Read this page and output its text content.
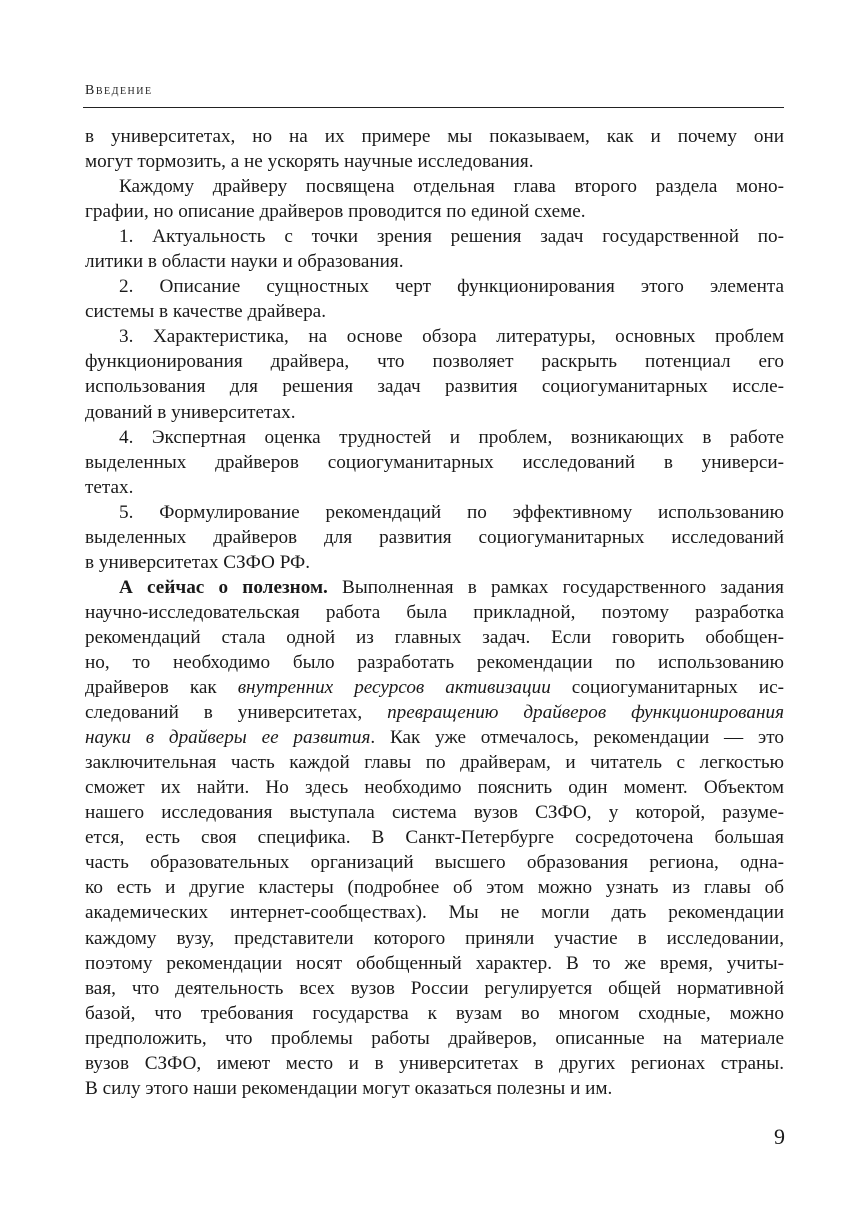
Введение

в университетах, но на их примере мы показываем, как и почему они
могут тормозить, а не ускорять научные исследования.

Каждому драйверу посвящена отдельная глава второго раздела моно-
графии, но описание драйверов проводится по единой схеме.

1. Актуальность с точки зрения решения задач государственной по-
литики в области науки и образования.

2. Описание сущностных черт функционирования этого элемента
системы в качестве драйвера.

3. Характеристика, на основе обзора литературы, основных проблем
функционирования драйвера, что позволяет раскрыть потенциал его
использования для решения задач развития социогуманитарных иссле-
дований в университетах.

4. Экспертная оценка трудностей и проблем, возникающих в работе
выделенных драйверов социогуманитарных исследований в универси-
тетах.

5. Формулирование рекомендаций по эффективному использованию
выделенных драйверов для развития социогуманитарных исследований
в университетах СЗФО РФ.

А сейчас о полезном. Выполненная в рамках государственного задания
научно-исследовательская работа была прикладной, поэтому разработка
рекомендаций стала одной из главных задач. Если говорить обобщен-
но, то необходимо было разработать рекомендации по использованию
драйверов как внутренних ресурсов активизации социогуманитарных ис-
следований в университетах, превращению драйверов функционирования
науки в драйверы ее развития. Как уже отмечалось, рекомендации — это
заключительная часть каждой главы по драйверам, и читатель с легкостью
сможет их найти. Но здесь необходимо пояснить один момент. Объектом
нашего исследования выступала система вузов СЗФО, у которой, разуме-
ется, есть своя специфика. В Санкт-Петербурге сосредоточена большая
часть образовательных организаций высшего образования региона, одна-
ко есть и другие кластеры (подробнее об этом можно узнать из главы об
академических интернет-сообществах). Мы не могли дать рекомендации
каждому вузу, представители которого приняли участие в исследовании,
поэтому рекомендации носят обобщенный характер. В то же время, учиты-
вая, что деятельность всех вузов России регулируется общей нормативной
базой, что требования государства к вузам во многом сходные, можно
предположить, что проблемы работы драйверов, описанные на материале
вузов СЗФО, имеют место и в университетах в других регионах страны.
В силу этого наши рекомендации могут оказаться полезны и им.

9
